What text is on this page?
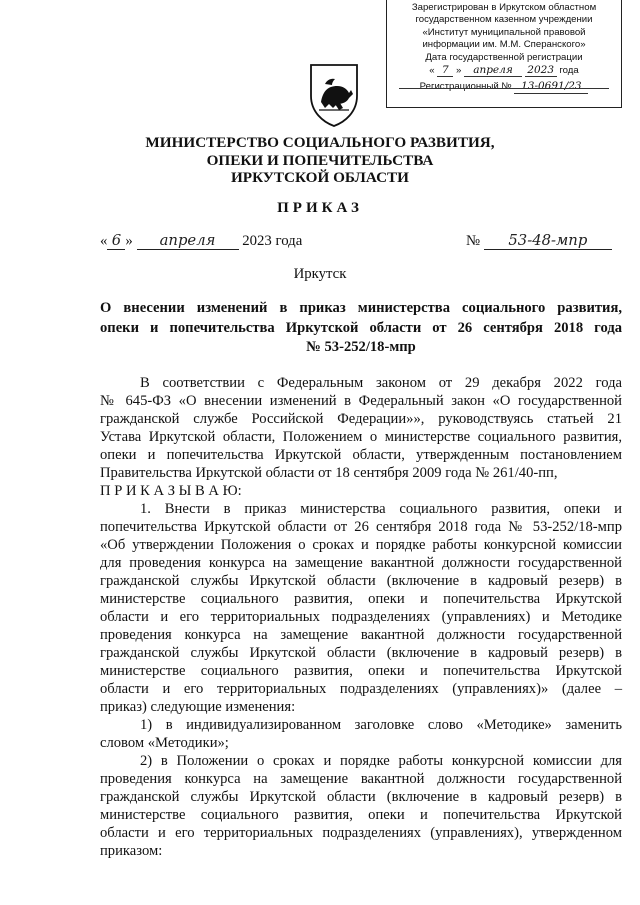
Зарегистрирован в Иркутском областном
государственном казенном учреждении
«Институт муниципальной правовой
информации им. М.М. Сперанского»
Дата государственной регистрации
« 7 » апреля 2023 года
Регистрационный № 13-0691/23
МИНИСТЕРСТВО СОЦИАЛЬНОГО РАЗВИТИЯ,
ОПЕКИ И ПОПЕЧИТЕЛЬСТВА
ИРКУТСКОЙ ОБЛАСТИ
ПРИКАЗ
« 6 » апреля 2023 года	№ 53-48-мпр
Иркутск
О внесении изменений в приказ министерства социального развития,
опеки и попечительства Иркутской области от 26 сентября 2018 года
№ 53-252/18-мпр
В соответствии с Федеральным законом от 29 декабря 2022 года
№ 645-ФЗ «О внесении изменений в Федеральный закон «О государственной
гражданской службе Российской Федерации»», руководствуясь статьей 21
Устава Иркутской области, Положением о министерстве социального развития,
опеки и попечительства Иркутской области, утвержденным постановлением
Правительства Иркутской области от 18 сентября 2009 года № 261/40-пп,
П Р И К А З Ы В А Ю:
1. Внести в приказ министерства социального развития, опеки и
попечительства Иркутской области от 26 сентября 2018 года № 53-252/18-мпр
«Об утверждении Положения о сроках и порядке работы конкурсной комиссии
для проведения конкурса на замещение вакантной должности государственной
гражданской службы Иркутской области (включение в кадровый резерв) в
министерстве социального развития, опеки и попечительства Иркутской
области и его территориальных подразделениях (управлениях) и Методике
проведения конкурса на замещение вакантной должности государственной
гражданской службы Иркутской области (включение в кадровый резерв) в
министерстве социального развития, опеки и попечительства Иркутской
области и его территориальных подразделениях (управлениях)» (далее –
приказ) следующие изменения:
1) в индивидуализированном заголовке слово «Методике» заменить
словом «Методики»;
2) в Положении о сроках и порядке работы конкурсной комиссии для
проведения конкурса на замещение вакантной должности государственной
гражданской службы Иркутской области (включение в кадровый резерв) в
министерстве социального развития, опеки и попечительства Иркутской
области и его территориальных подразделениях (управлениях), утвержденном
приказом:
